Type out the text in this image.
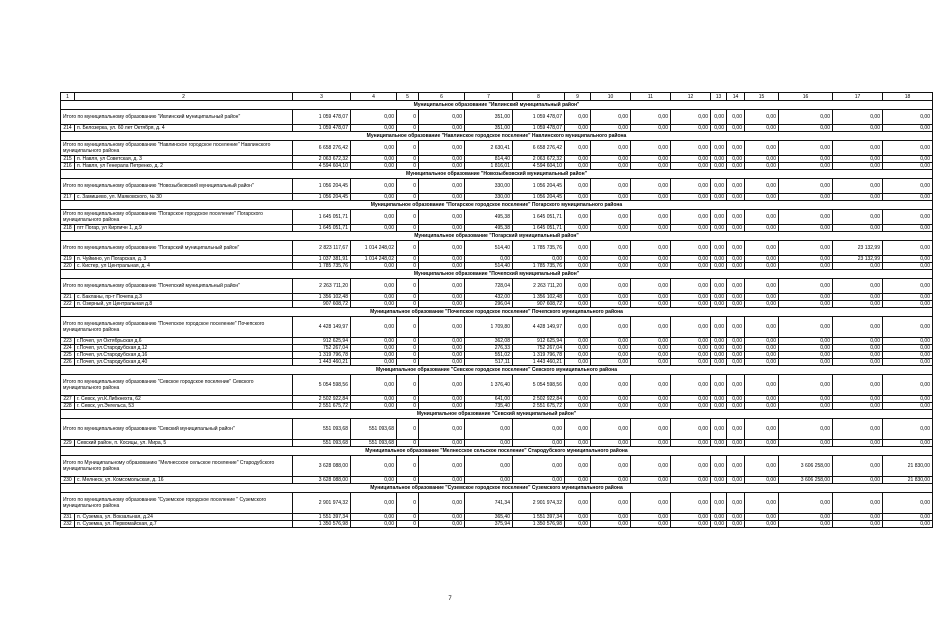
1	2	3	4	5	6	7	8	9	10	11	12	13	14	15	16	17	18
Муниципальное образование "Ивлинский муниципальный район"																	
Итого по муниципальному образованию "Ивлинский муниципальный район"		1 059 478,07	0,00	0	0,00	351,00	1 059 478,07	0,00	0,00	0,00	0,00	0,00	0,00	0,00	0,00	0,00	0,00
214	п. Белозерка, ул. 60 лет Октября, д. 4	1 059 478,07	0,00	0	0,00	351,00	1 059 478,07	0,00	0,00	0,00	0,00	0,00	0,00	0,00	0,00	0,00	0,00
Муниципальное образование "Навлинское городское поселение" Навлинского муниципального района																	
Итого по муниципальному образованию "Навлинское городское поселение" Навлинского муниципального района		6 658 276,42	0,00	0	0,00	2 630,41	6 658 276,42	0,00	0,00	0,00	0,00	0,00	0,00	0,00	0,00	0,00	0,00
215	п. Навля, ул Советская, д. 3	2 063 672,32	0,00	0	0,00	814,40	2 063 672,32	0,00	0,00	0,00	0,00	0,00	0,00	0,00	0,00	0,00	0,00
216	п. Навля, ул Генерала Петренко, д. 2	4 594 604,10	0,00	0	0,00	1 816,01	4 594 604,10	0,00	0,00	0,00	0,00	0,00	0,00	0,00	0,00	0,00	0,00
Муниципальное образование "Новозыбковский муниципальный район"																	
Итого по муниципальному образованию "Новозыбковский муниципальный район"		1 056 204,45	0,00	0	0,00	330,00	1 056 204,45	0,00	0,00	0,00	0,00	0,00	0,00	0,00	0,00	0,00	0,00
217	с. Замишево, ул. Маяковского, № 30	1 056 204,45	0,00	0	0,00	330,00	1 056 204,45	0,00	0,00	0,00	0,00	0,00	0,00	0,00	0,00	0,00	0,00
Муниципальное образование "Погарское городское поселение" Погарского муниципального района																	
Итого по муниципальному образованию "Погарское городское поселение" Погарского муниципального района		1 645 051,71	0,00	0	0,00	495,38	1 645 051,71	0,00	0,00	0,00	0,00	0,00	0,00	0,00	0,00	0,00	0,00
218	пгт Погар, ул Кирпичн 1, д.9	1 645 051,71	0,00	0	0,00	495,38	1 645 051,71	0,00	0,00	0,00	0,00	0,00	0,00	0,00	0,00	0,00	0,00
Муниципальное образование "Погарский муниципальный район"																	
Итого по муниципальному образованию "Погарский муниципальный район"		2 823 117,67	1 014 248,02	0	0,00	514,40	1 785 735,76	0,00	0,00	0,00	0,00	0,00	0,00	0,00	0,00	23 132,99	0,00
219	п. Чуйкино, ул Погарская, д. 3	1 037 381,91	1 014 248,02	0	0,00	0,00	0,00	0,00	0,00	0,00	0,00	0,00	0,00	0,00	0,00	23 132,99	0,00
220	с. Кистер, ул Центральная, д. 4	1 785 735,76	0,00	0	0,00	514,40	1 785 735,76	0,00	0,00	0,00	0,00	0,00	0,00	0,00	0,00	0,00	0,00
Муниципальное образование "Почепский муниципальный район"																	
Итого по муниципальному образованию "Почепский муниципальный район"		2 263 711,20	0,00	0	0,00	728,04	2 263 711,20	0,00	0,00	0,00	0,00	0,00	0,00	0,00	0,00	0,00	0,00
221	с. Бакланы, пр-т Почепа д.3	1 356 102,48	0,00	0	0,00	432,00	1 356 102,48	0,00	0,00	0,00	0,00	0,00	0,00	0,00	0,00	0,00	0,00
222	п. Озерный, ул Центральная д.8	907 608,72	0,00	0	0,00	296,04	907 608,72	0,00	0,00	0,00	0,00	0,00	0,00	0,00	0,00	0,00	0,00
Муниципальное образование "Почепское городское поселение" Почепского муниципального района																	
Итого по муниципальному образованию "Почепское городское поселение" Почепского муниципального района		4 428 149,97	0,00	0	0,00	1 709,80	4 428 149,97	0,00	0,00	0,00	0,00	0,00	0,00	0,00	0,00	0,00	0,00
223	г.Почеп, ул Октябрьская д.6	912 625,94	0,00	0	0,00	362,08	912 625,94	0,00	0,00	0,00	0,00	0,00	0,00	0,00	0,00	0,00	0,00
224	г.Почеп, ул.Стародубская д.12	752 267,04	0,00	0	0,00	276,33	752 267,04	0,00	0,00	0,00	0,00	0,00	0,00	0,00	0,00	0,00	0,00
225	г.Почеп, ул.Стародубская д.16	1 319 796,78	0,00	0	0,00	551,02	1 319 796,78	0,00	0,00	0,00	0,00	0,00	0,00	0,00	0,00	0,00	0,00
226	г.Почеп, ул.Стародубская д.40	1 443 460,21	0,00	0	0,00	517,11	1 443 460,21	0,00	0,00	0,00	0,00	0,00	0,00	0,00	0,00	0,00	0,00
Муниципальное образование "Севское городское поселение" Севского муниципального района																	
Итого по муниципальному образованию "Севское городское поселение" Севского муниципального района		5 054 598,56	0,00	0	0,00	1 376,40	5 054 598,56	0,00	0,00	0,00	0,00	0,00	0,00	0,00	0,00	0,00	0,00
227	г. Севск, ул.К.Либкнехта, 62	2 502 922,84	0,00	0	0,00	641,00	2 502 922,84	0,00	0,00	0,00	0,00	0,00	0,00	0,00	0,00	0,00	0,00
228	г. Севск, ул.Энгельса, 53	2 551 675,72	0,00	0	0,00	735,40	2 551 675,72	0,00	0,00	0,00	0,00	0,00	0,00	0,00	0,00	0,00	0,00
Муниципальное образование "Севский муниципальный район"																	
Итого по муниципальному образованию "Севский муниципальный район"		551 093,68	551 093,68	0	0,00	0,00	0,00	0,00	0,00	0,00	0,00	0,00	0,00	0,00	0,00	0,00	0,00
229	Севский район, п. Косицы, ул. Мира, 5	551 093,68	551 093,68	0	0,00	0,00	0,00	0,00	0,00	0,00	0,00	0,00	0,00	0,00	0,00	0,00	0,00
Муниципальное образование "Мелнесское сельское поселение" Стародубского муниципального района																	
Итого по Муниципальному образованию "Мелнесское сельское поселение" Стародубского муниципального района		3 628 088,00	0,00	0	0,00	0,00	0,00	0,00	0,00	0,00	0,00	0,00	0,00	0,00	3 606 258,00	0,00	21 830,00
230	с. Мелнеск, ул. Комсомольская, д. 16	3 628 088,00	0,00	0	0,00	0,00	0,00	0,00	0,00	0,00	0,00	0,00	0,00	0,00	3 606 258,00	0,00	21 830,00
Муниципальное образование "Суземское городское поселение" Суземского муниципального района																	
Итого по муниципальному образованию "Суземское городское поселение " Суземского муниципального района		2 901 974,32	0,00	0	0,00	741,34	2 901 974,32	0,00	0,00	0,00	0,00	0,00	0,00	0,00	0,00	0,00	0,00
231	п. Суземка, ул. Вокзальная, д.24	1 551 397,34	0,00	0	0,00	365,40	1 551 397,34	0,00	0,00	0,00	0,00	0,00	0,00	0,00	0,00	0,00	0,00
232	п. Суземка, ул. Первомайская, д.7	1 350 576,98	0,00	0	0,00	375,94	1 350 576,98	0,00	0,00	0,00	0,00	0,00	0,00	0,00	0,00	0,00	0,00
7
